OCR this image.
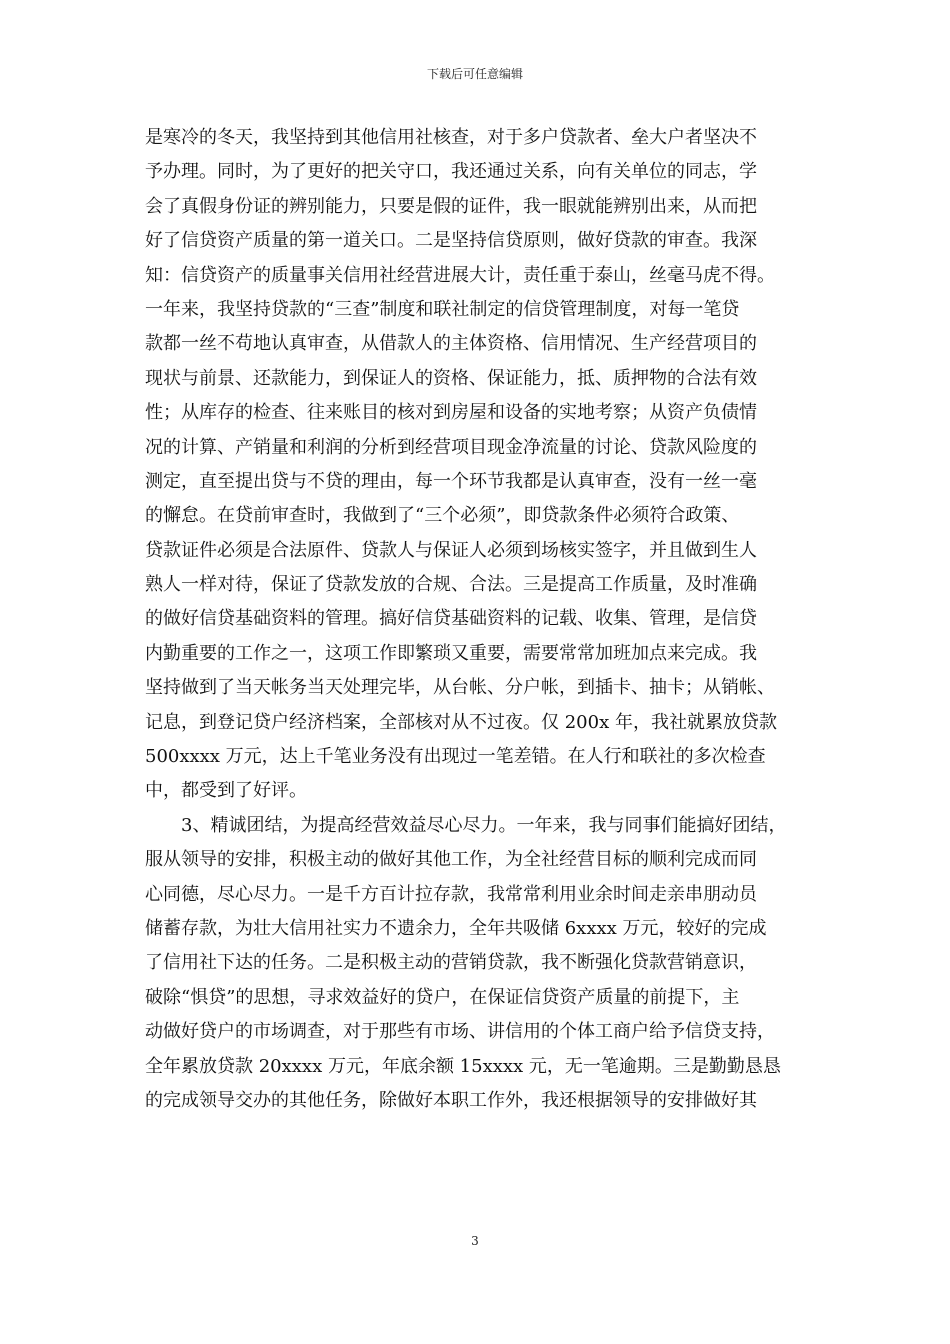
下载后可任意编辑
是寒冷的冬天，我坚持到其他信用社核查，对于多户贷款者、垒大户者坚决不
予办理。同时，为了更好的把关守口，我还通过关系，向有关单位的同志，学
会了真假身份证的辨别能力，只要是假的证件，我一眼就能辨别出来，从而把
好了信贷资产质量的第一道关口。二是坚持信贷原则，做好贷款的审查。我深
知：信贷资产的质量事关信用社经营进展大计，责任重于泰山，丝毫马虎不得。
一年来，我坚持贷款的“三查”制度和联社制定的信贷管理制度，对每一笔贷
款都一丝不苟地认真审查，从借款人的主体资格、信用情况、生产经营项目的
现状与前景、还款能力，到保证人的资格、保证能力，抵、质押物的合法有效
性；从库存的检查、往来账目的核对到房屋和设备的实地考察；从资产负债情
况的计算、产销量和利润的分析到经营项目现金净流量的讨论、贷款风险度的
测定，直至提出贷与不贷的理由，每一个环节我都是认真审查，没有一丝一毫
的懈怠。在贷前审查时，我做到了“三个必须”，即贷款条件必须符合政策、
贷款证件必须是合法原件、贷款人与保证人必须到场核实签字，并且做到生人
熟人一样对待，保证了贷款发放的合规、合法。三是提高工作质量，及时准确
的做好信贷基础资料的管理。搞好信贷基础资料的记载、收集、管理，是信贷
内勤重要的工作之一，这项工作即繁琐又重要，需要常常加班加点来完成。我
坚持做到了当天帐务当天处理完毕，从台帐、分户帐，到插卡、抽卡；从销帐、
记息，到登记贷户经济档案，全部核对从不过夜。仅 200x 年，我社就累放贷款
500xxxx 万元，达上千笔业务没有出现过一笔差错。在人行和联社的多次检查
中，都受到了好评。
3、精诚团结，为提高经营效益尽心尽力。一年来，我与同事们能搞好团结，
服从领导的安排，积极主动的做好其他工作，为全社经营目标的顺利完成而同
心同德，尽心尽力。一是千方百计拉存款，我常常利用业余时间走亲串朋动员
储蓄存款，为壮大信用社实力不遗余力，全年共吸储 6xxxx 万元，较好的完成
了信用社下达的任务。二是积极主动的营销贷款，我不断强化贷款营销意识，
破除“惧贷”的思想，寻求效益好的贷户，在保证信贷资产质量的前提下，主
动做好贷户的市场调查，对于那些有市场、讲信用的个体工商户给予信贷支持，
全年累放贷款 20xxxx 万元，年底余额 15xxxx 元，无一笔逾期。三是勤勤恳恳
的完成领导交办的其他任务，除做好本职工作外，我还根据领导的安排做好其
3
